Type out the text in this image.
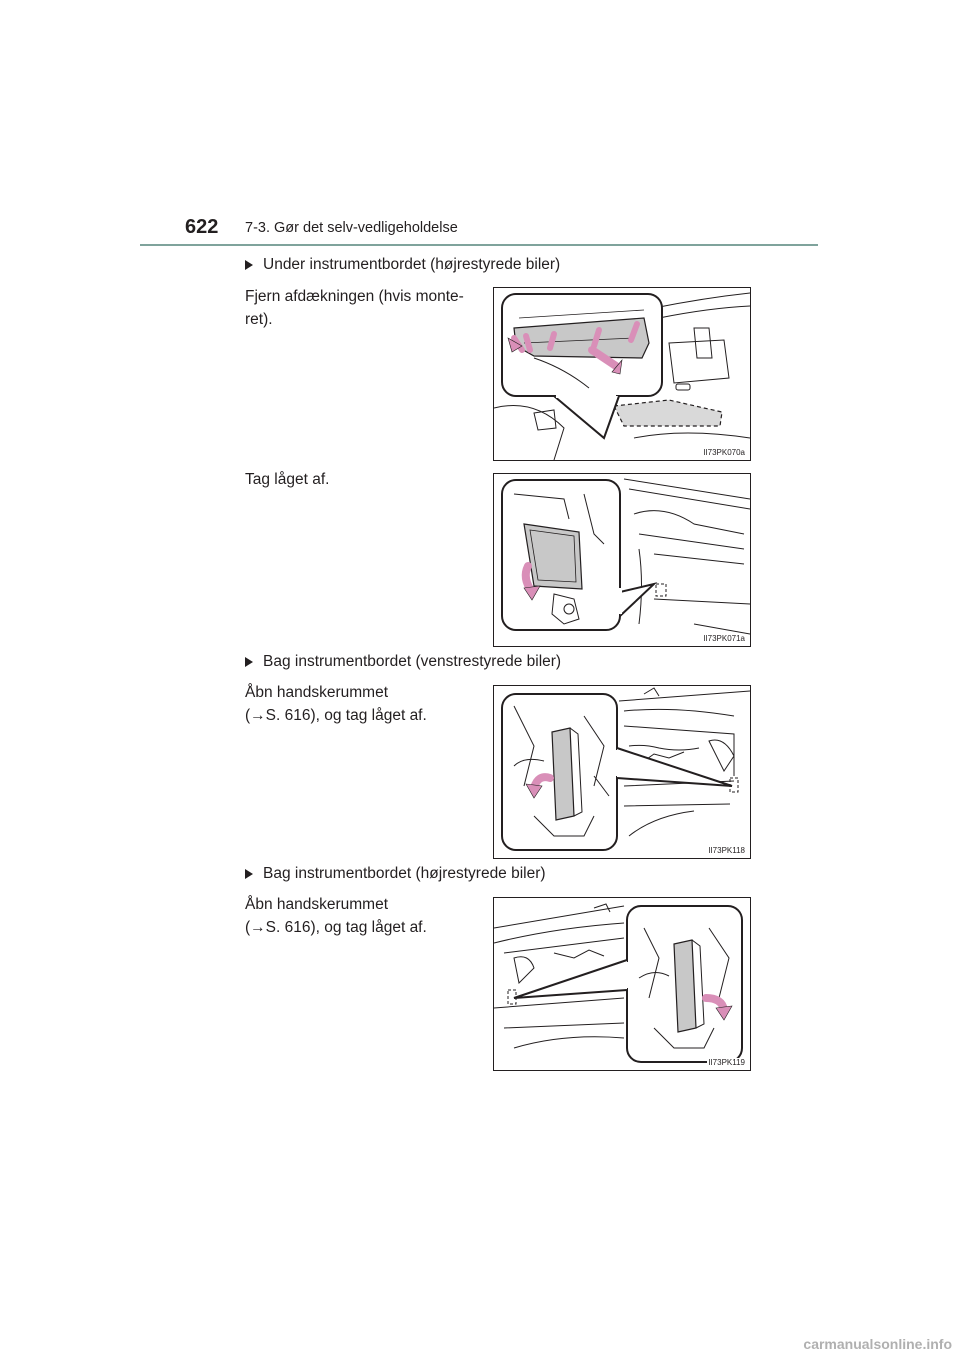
622 7-3. Gør det selv-vedligeholdelse
Under instrumentbordet (højrestyrede biler)
Fjern afdækningen (hvis monte-
ret).
II73PK070a
Tag låget af.
II73PK071a
Bag instrumentbordet (venstrestyrede biler)
Åbn handskerummet
(→S. 616), og tag låget af.
II73PK118
Bag instrumentbordet (højrestyrede biler)
Åbn handskerummet
(→S. 616), og tag låget af.
II73PK119
carmanualsonline.info
